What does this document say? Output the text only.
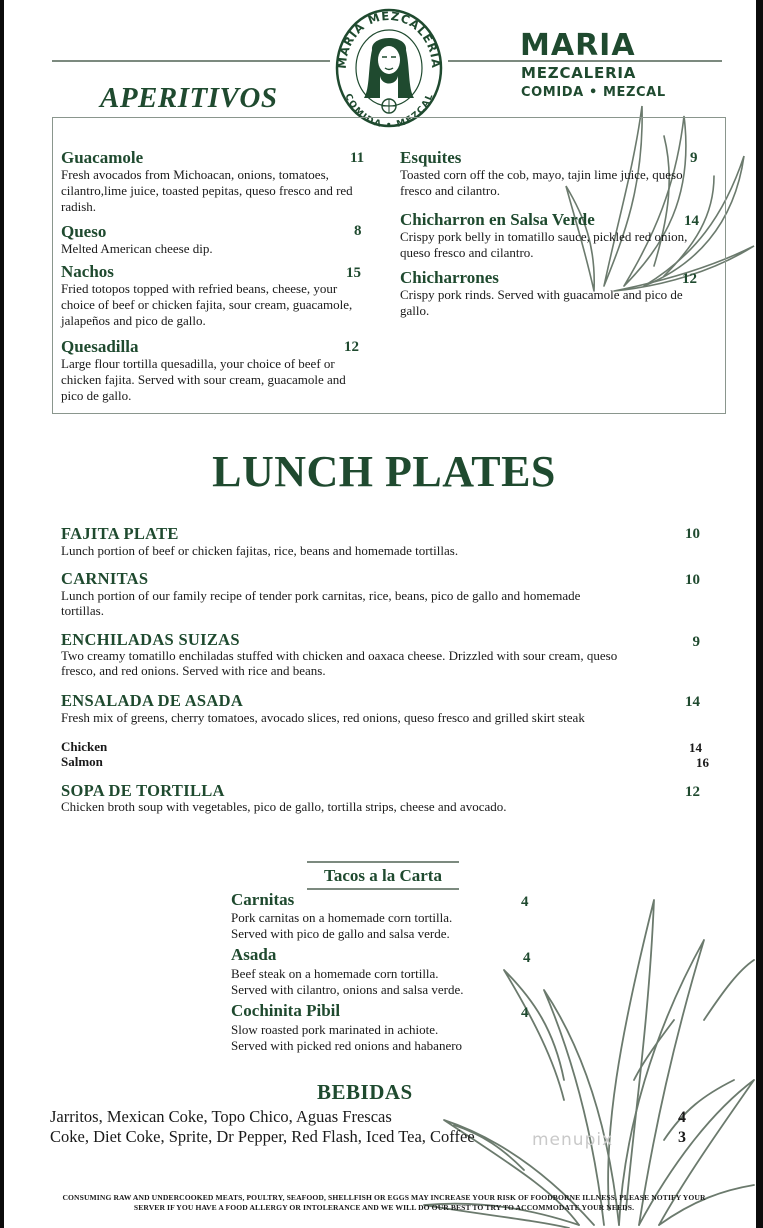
MARIA MEZCALERIA
COMIDA • MEZCAL
MARIA
MEZCALERIA
COMIDA • MEZCAL
APERITIVOS
Guacamole	11
Fresh avocados from Michoacan, onions, tomatoes, cilantro,lime juice, toasted pepitas, queso fresco and red radish.
Queso	8
Melted American cheese dip.
Nachos	15
Fried totopos topped with refried beans, cheese, your choice of beef or chicken fajita, sour cream, guacamole, jalapeños and pico de gallo.
Quesadilla	12
Large flour tortilla quesadilla, your choice of beef or chicken fajita. Served with sour cream, guacamole and pico de gallo.
Esquites	9
Toasted corn off the cob, mayo, tajin lime juice, queso fresco and cilantro.
Chicharron en Salsa Verde	14
Crispy pork belly in tomatillo sauce, pickled red onion, queso fresco and cilantro.
Chicharrones	12
Crispy pork rinds. Served with guacamole and pico de gallo.
LUNCH PLATES
FAJITA PLATE	10
Lunch portion of beef or chicken fajitas, rice, beans and homemade tortillas.
CARNITAS	10
Lunch portion of our family recipe of tender pork carnitas, rice, beans, pico de gallo and homemade tortillas.
ENCHILADAS SUIZAS	9
Two creamy tomatillo enchiladas stuffed with chicken and oaxaca cheese. Drizzled with sour cream, queso fresco, and red onions. Served with rice and beans.
ENSALADA DE ASADA	14
Fresh mix of greens, cherry tomatoes, avocado slices, red onions, queso fresco and grilled skirt steak
Chicken	14
Salmon	16
SOPA DE TORTILLA	12
Chicken broth soup with vegetables, pico de gallo, tortilla strips, cheese and avocado.
Tacos a la Carta
Carnitas	4
Pork carnitas on a homemade corn tortilla.
Served with pico de gallo and salsa verde.
Asada	4
Beef steak on a homemade corn tortilla.
Served with cilantro, onions and salsa verde.
Cochinita Pibil	4
Slow roasted pork marinated in achiote.
Served with picked red onions and habanero
BEBIDAS
Jarritos, Mexican Coke, Topo Chico, Aguas Frescas	4
Coke, Diet Coke, Sprite, Dr Pepper, Red Flash, Iced Tea, Coffee	3
menupix
CONSUMING RAW AND UNDERCOOKED MEATS, POULTRY, SEAFOOD, SHELLFISH OR EGGS MAY INCREASE YOUR RISK OF FOODBORNE ILLNESS. PLEASE NOTIFY YOUR
SERVER IF YOU HAVE A FOOD ALLERGY OR INTOLERANCE AND WE WILL DO OUR BEST TO TRY TO ACCOMMODATE YOUR NEEDS.
